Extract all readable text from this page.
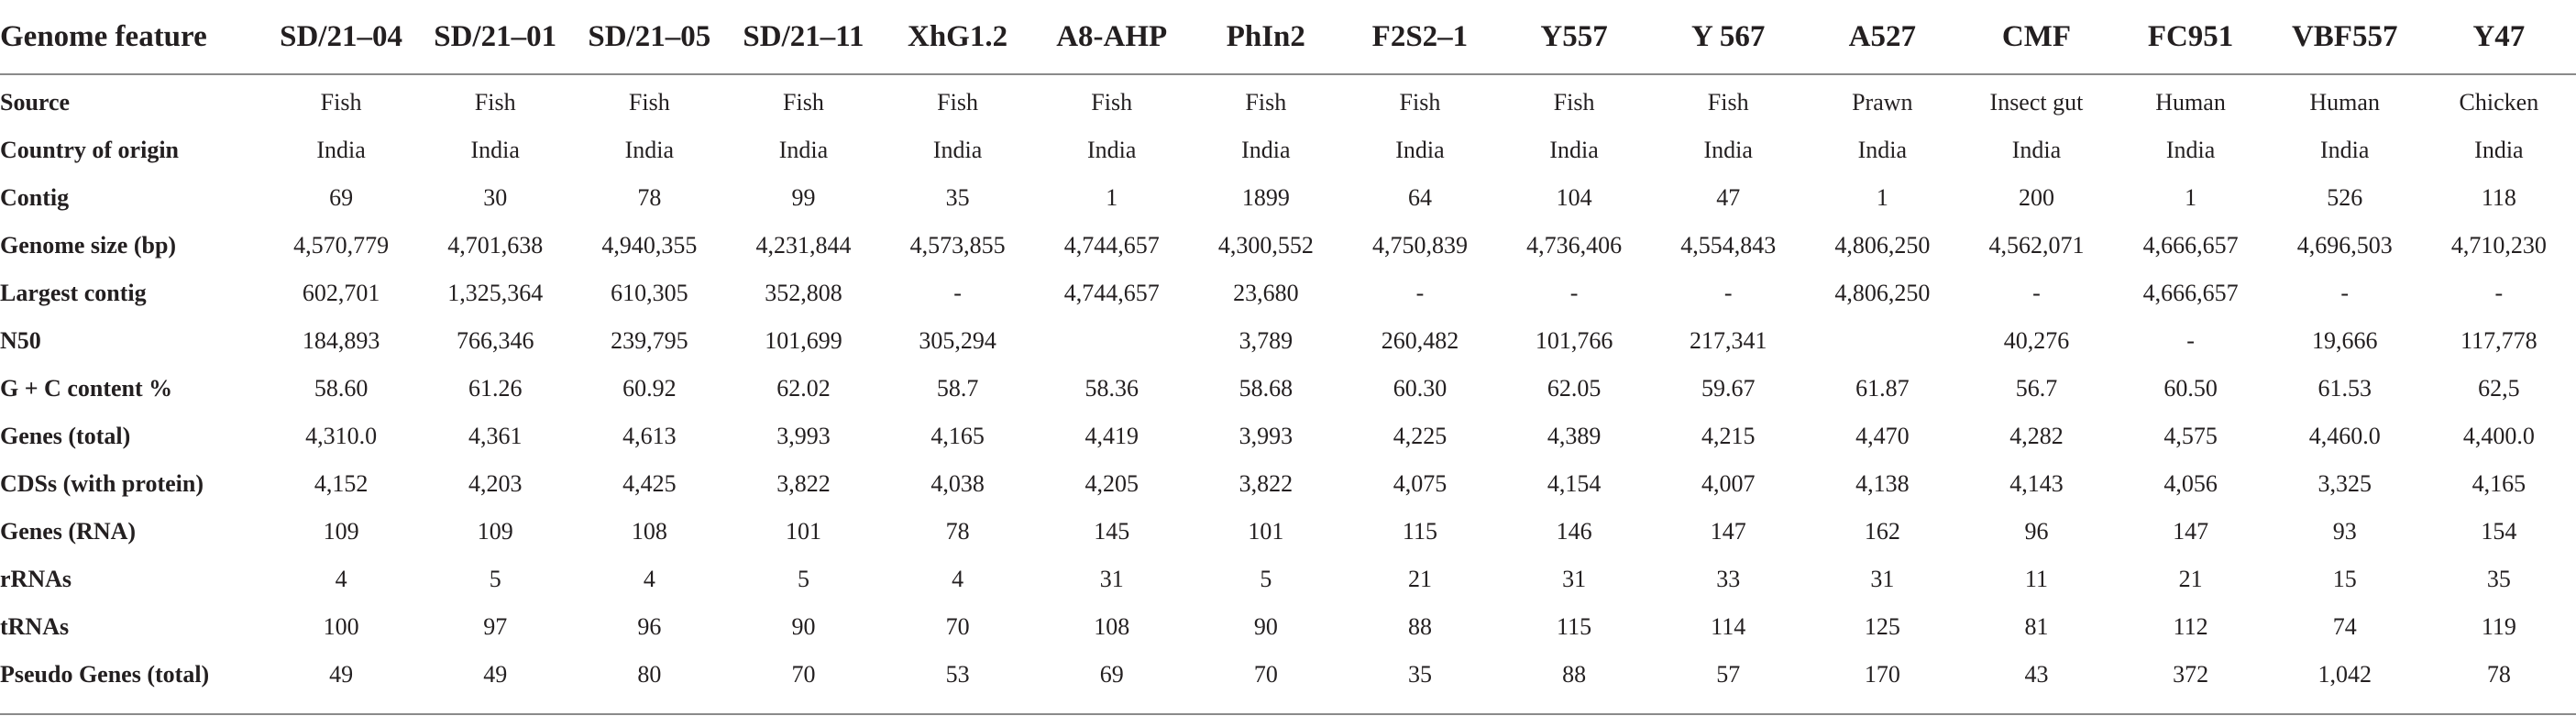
Genome feature	SD/21–04	SD/21–01	SD/21–05	SD/21–11	XhG1.2	A8-AHP	PhIn2	F2S2–1	Y557	Y 567	A527	CMF	FC951	VBF557	Y47
Source	Fish	Fish	Fish	Fish	Fish	Fish	Fish	Fish	Fish	Fish	Prawn	Insect gut	Human	Human	Chicken
Country of origin	India	India	India	India	India	India	India	India	India	India	India	India	India	India	India
Contig	69	30	78	99	35	1	1899	64	104	47	1	200	1	526	118
Genome size (bp)	4,570,779	4,701,638	4,940,355	4,231,844	4,573,855	4,744,657	4,300,552	4,750,839	4,736,406	4,554,843	4,806,250	4,562,071	4,666,657	4,696,503	4,710,230
Largest contig	602,701	1,325,364	610,305	352,808	-	4,744,657	23,680	-	-	-	4,806,250	-	4,666,657	-	-
N50	184,893	766,346	239,795	101,699	305,294		3,789	260,482	101,766	217,341		40,276	-	19,666	117,778
G + C content %	58.60	61.26	60.92	62.02	58.7	58.36	58.68	60.30	62.05	59.67	61.87	56.7	60.50	61.53	62,5
Genes (total)	4,310.0	4,361	4,613	3,993	4,165	4,419	3,993	4,225	4,389	4,215	4,470	4,282	4,575	4,460.0	4,400.0
CDSs (with protein)	4,152	4,203	4,425	3,822	4,038	4,205	3,822	4,075	4,154	4,007	4,138	4,143	4,056	3,325	4,165
Genes (RNA)	109	109	108	101	78	145	101	115	146	147	162	96	147	93	154
rRNAs	4	5	4	5	4	31	5	21	31	33	31	11	21	15	35
tRNAs	100	97	96	90	70	108	90	88	115	114	125	81	112	74	119
Pseudo Genes (total)	49	49	80	70	53	69	70	35	88	57	170	43	372	1,042	78
